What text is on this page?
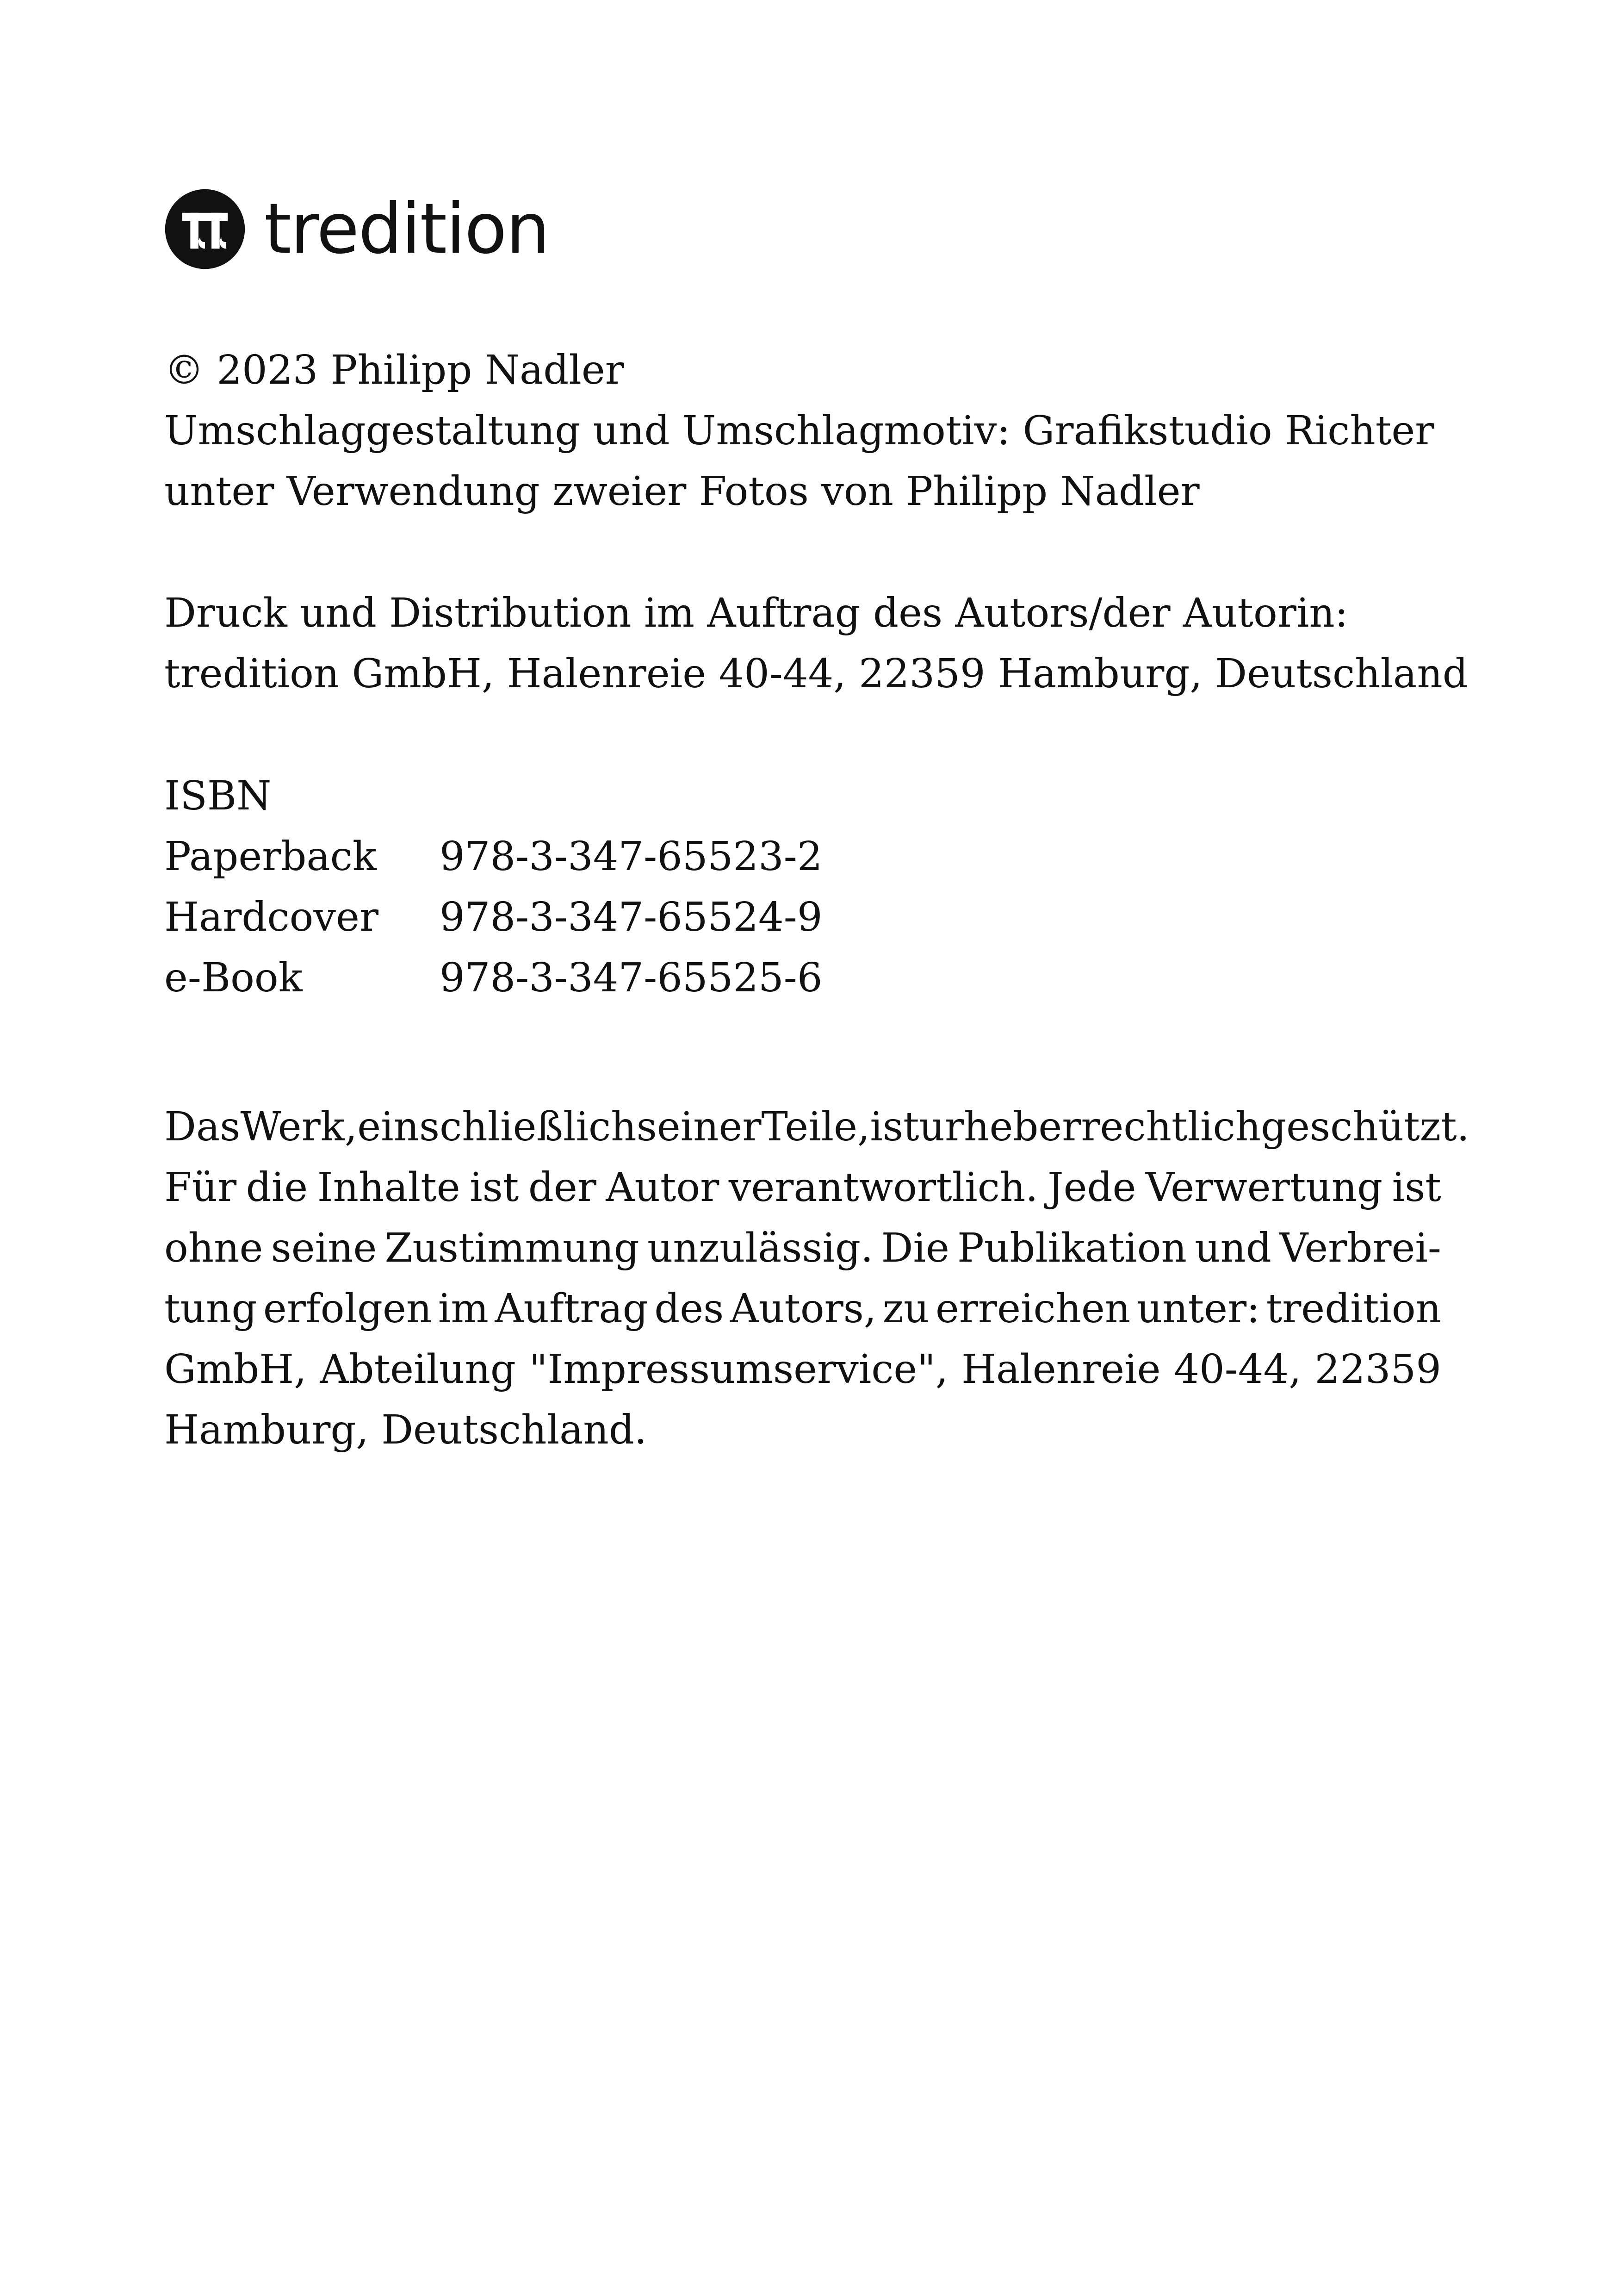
tredition

© 2023 Philipp Nadler
Umschlaggestaltung und Umschlagmotiv: Grafikstudio Richter
unter Verwendung zweier Fotos von Philipp Nadler

Druck und Distribution im Auftrag des Autors/der Autorin:
tredition GmbH, Halenreie 40-44, 22359 Hamburg, Deutschland

ISBN
Paperback	978-3-347-65523-2
Hardcover	978-3-347-65524-9
e-Book	978-3-347-65525-6
Das Werk, einschließlich seiner Teile, ist urheberrechtlich geschützt.
Für die Inhalte ist der Autor verantwortlich. Jede Verwertung ist
ohne seine Zustimmung unzulässig. Die Publikation und Verbrei-
tung erfolgen im Auftrag des Autors, zu erreichen unter: tredition
GmbH, Abteilung "Impressumservice", Halenreie 40-44, 22359
Hamburg, Deutschland.
